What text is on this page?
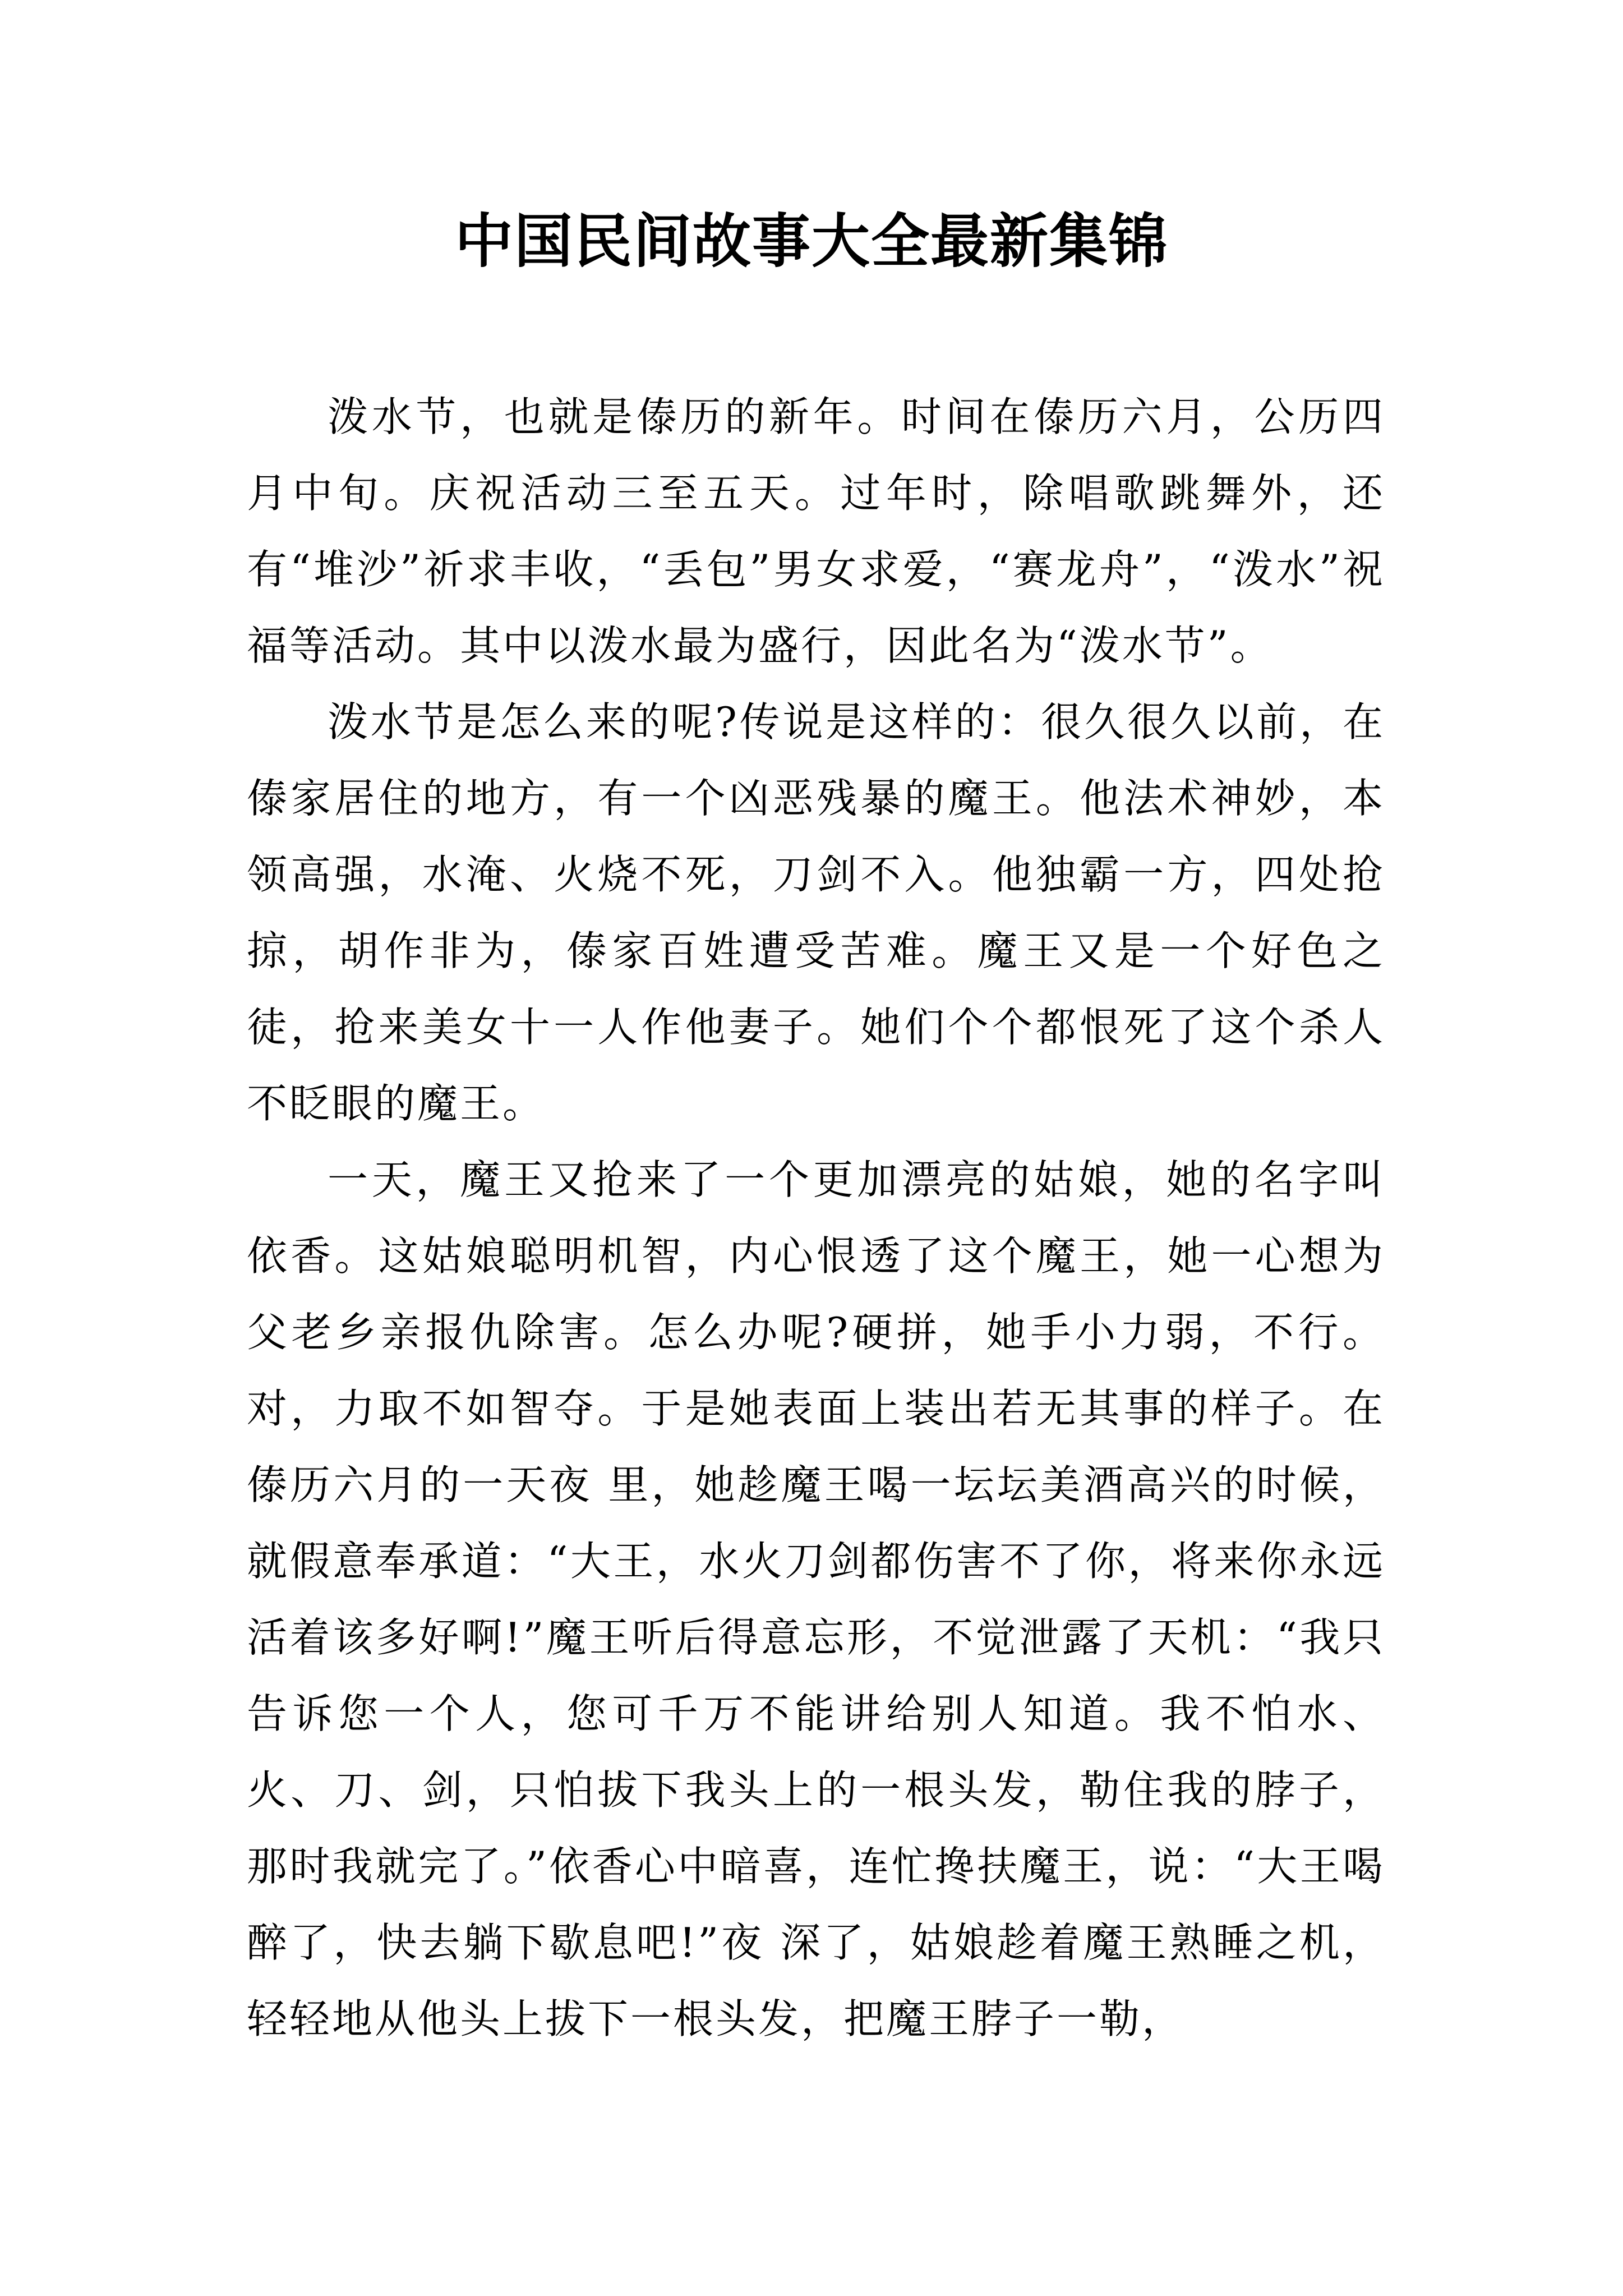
中国民间故事大全最新集锦

泼水节，也就是傣历的新年。时间在傣历六月，公历四月中旬。庆祝活动三至五天。过年时，除唱歌跳舞外，还有“堆沙”祈求丰收，“丢包”男女求爱，“赛龙舟”，“泼水”祝福等活动。其中以泼水最为盛行，因此名为“泼水节”。

泼水节是怎么来的呢?传说是这样的：很久很久以前，在傣家居住的地方，有一个凶恶残暴的魔王。他法术神妙，本领高强，水淹、火烧不死，刀剑不入。他独霸一方，四处抢掠，胡作非为，傣家百姓遭受苦难。魔王又是一个好色之徒，抢来美女十一人作他妻子。她们个个都恨死了这个杀人不眨眼的魔王。

一天，魔王又抢来了一个更加漂亮的姑娘，她的名字叫依香。这姑娘聪明机智，内心恨透了这个魔王，她一心想为父老乡亲报仇除害。怎么办呢?硬拼，她手小力弱，不行。对，力取不如智夺。于是她表面上装出若无其事的样子。在傣历六月的一天夜 里，她趁魔王喝一坛坛美酒高兴的时候，就假意奉承道：“大王，水火刀剑都伤害不了你，将来你永远活着该多好啊!”魔王听后得意忘形，不觉泄露了天机：“我只告诉您一个人，您可千万不能讲给别人知道。我不怕水、火、刀、剑，只怕拔下我头上的一根头发，勒住我的脖子，那时我就完了。”依香心中暗喜，连忙搀扶魔王，说：“大王喝醉了，快去躺下歇息吧!”夜 深了，姑娘趁着魔王熟睡之机，轻轻地从他头上拔下一根头发，把魔王脖子一勒，
